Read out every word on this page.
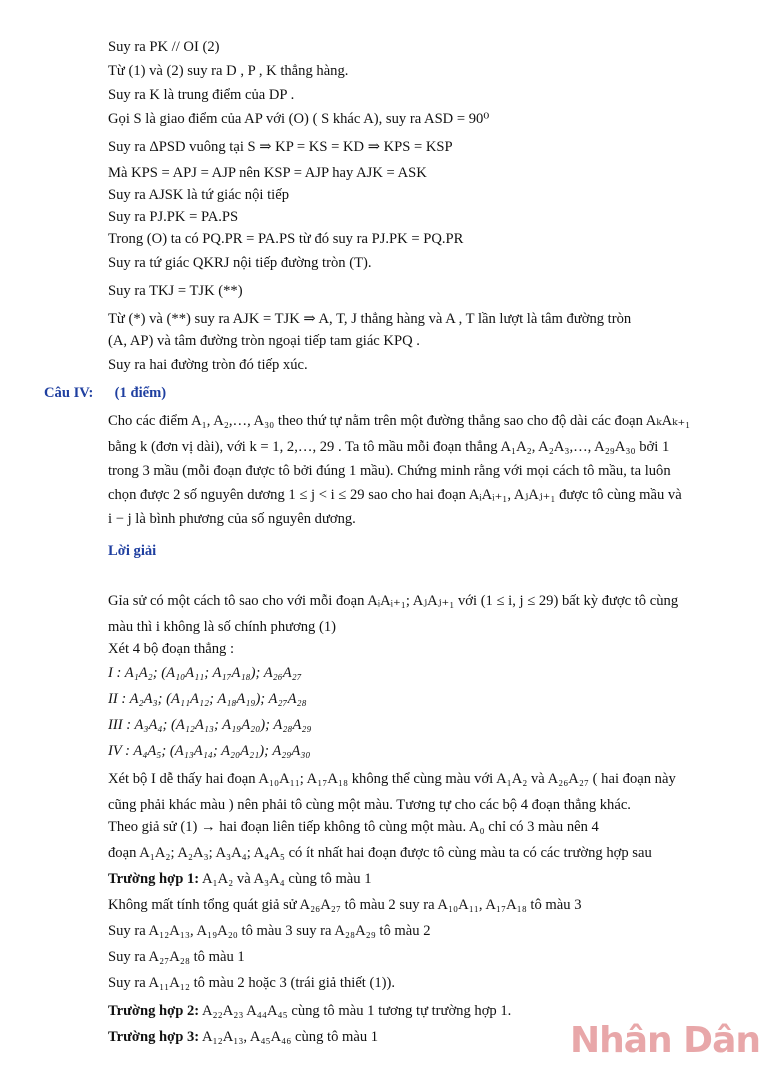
Suy ra PK // OI (2)
Từ (1) và (2) suy ra D , P , K thẳng hàng.
Suy ra K là trung điểm của DP .
Gọi S là giao điểm của AP với (O) ( S khác A), suy ra ASD = 90⁰
Suy ra ΔPSD vuông tại S ⇒ KP = KS = KD ⇒ KPS = KSP
Mà KPS = APJ = AJP nên KSP = AJP hay AJK = ASK
Suy ra AJSK là tứ giác nội tiếp
Suy ra PJ.PK = PA.PS
Trong (O) ta có PQ.PR = PA.PS từ đó suy ra PJ.PK = PQ.PR
Suy ra tứ giác QKRJ nội tiếp đường tròn (T).
Suy ra TKJ = TJK (**)
Từ (*) và (**) suy ra AJK = TJK ⇒ A, T, J thẳng hàng và A , T lần lượt là tâm đường tròn
(A, AP) và tâm đường tròn ngoại tiếp tam giác KPQ .
Suy ra hai đường tròn đó tiếp xúc.
Câu IV: (1 điểm)
Cho các điểm A₁, A₂,…, A₃₀ theo thứ tự nằm trên một đường thẳng sao cho độ dài các đoạn AₖAₖ₊₁
bằng k (đơn vị dài), với k = 1, 2,…, 29 . Ta tô mầu mỗi đoạn thẳng A₁A₂, A₂A₃,…, A₂₉A₃₀ bởi 1
trong 3 mầu (mỗi đoạn được tô bởi đúng 1 mầu). Chứng minh rằng với mọi cách tô mầu, ta luôn
chọn được 2 số nguyên dương 1 ≤ j < i ≤ 29 sao cho hai đoạn AᵢAᵢ₊₁, AⱼAⱼ₊₁ được tô cùng mầu và
i − j là bình phương của số nguyên dương.
Lời giải
Gỉa sử có một cách tô sao cho với mỗi đoạn AᵢAᵢ₊₁; AⱼAⱼ₊₁ với (1 ≤ i, j ≤ 29) bất kỳ được tô cùng
màu thì i không là số chính phương (1)
Xét 4 bộ đoạn thẳng :
I : A₁A₂; (A₁₀A₁₁; A₁₇A₁₈); A₂₆A₂₇
II : A₂A₃; (A₁₁A₁₂; A₁₈A₁₉); A₂₇A₂₈
III : A₃A₄; (A₁₂A₁₃; A₁₉A₂₀); A₂₈A₂₉
IV : A₄A₅; (A₁₃A₁₄; A₂₀A₂₁); A₂₉A₃₀
Xét bộ I dễ thấy hai đoạn A₁₀A₁₁; A₁₇A₁₈ không thể cùng màu với A₁A₂ và A₂₆A₂₇ ( hai đoạn này
cũng phải khác màu ) nên phải tô cùng một màu. Tương tự cho các bộ 4 đoạn thẳng khác.
Theo giả sử (1) → hai đoạn liên tiếp không tô cùng một màu. A₀ chỉ có 3 màu nên 4
đoạn A₁A₂; A₂A₃; A₃A₄; A₄A₅ có ít nhất hai đoạn được tô cùng màu ta có các trường hợp sau
Trường hợp 1: A₁A₂ và A₃A₄ cùng tô màu 1
Không mất tính tổng quát giả sử A₂₆A₂₇ tô màu 2 suy ra A₁₀A₁₁, A₁₇A₁₈ tô màu 3
Suy ra A₁₂A₁₃, A₁₉A₂₀ tô màu 3 suy ra A₂₈A₂₉ tô màu 2
Suy ra A₂₇A₂₈ tô màu 1
Suy ra A₁₁A₁₂ tô màu 2 hoặc 3 (trái giả thiết (1)).
Trường hợp 2: A₂₂A₂₃ A₄₄A₄₅ cùng tô màu 1 tương tự trường hợp 1.
Trường hợp 3: A₁₂A₁₃, A₄₅A₄₆ cùng tô màu 1	Nhân Dân
